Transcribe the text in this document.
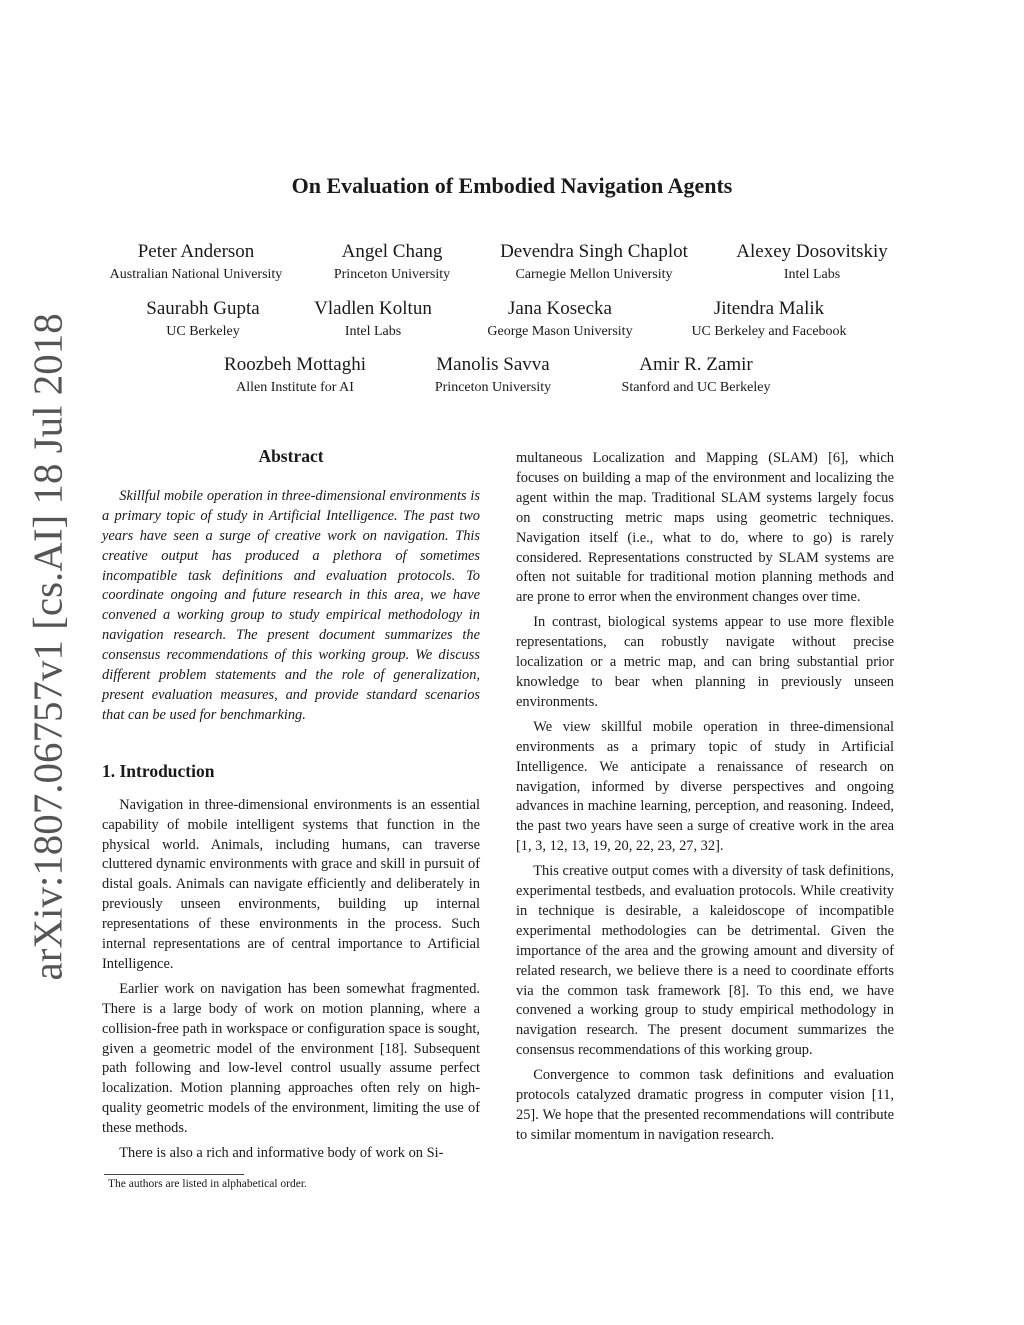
arXiv:1807.06757v1 [cs.AI] 18 Jul 2018
On Evaluation of Embodied Navigation Agents
Peter Anderson
Australian National University
Angel Chang
Princeton University
Devendra Singh Chaplot
Carnegie Mellon University
Alexey Dosovitskiy
Intel Labs
Saurabh Gupta
UC Berkeley
Vladlen Koltun
Intel Labs
Jana Kosecka
George Mason University
Jitendra Malik
UC Berkeley and Facebook
Roozbeh Mottaghi
Allen Institute for AI
Manolis Savva
Princeton University
Amir R. Zamir
Stanford and UC Berkeley
Abstract

Skillful mobile operation in three-dimensional environments is a primary topic of study in Artificial Intelligence. The past two years have seen a surge of creative work on navigation. This creative output has produced a plethora of sometimes incompatible task definitions and evaluation protocols. To coordinate ongoing and future research in this area, we have convened a working group to study empirical methodology in navigation research. The present document summarizes the consensus recommendations of this working group. We discuss different problem statements and the role of generalization, present evaluation measures, and provide standard scenarios that can be used for benchmarking.

1. Introduction

Navigation in three-dimensional environments is an essential capability of mobile intelligent systems that function in the physical world. Animals, including humans, can traverse cluttered dynamic environments with grace and skill in pursuit of distal goals. Animals can navigate efficiently and deliberately in previously unseen environments, building up internal representations of these environments in the process. Such internal representations are of central importance to Artificial Intelligence.

Earlier work on navigation has been somewhat fragmented. There is a large body of work on motion planning, where a collision-free path in workspace or configuration space is sought, given a geometric model of the environment [18]. Subsequent path following and low-level control usually assume perfect localization. Motion planning approaches often rely on high-quality geometric models of the environment, limiting the use of these methods.

There is also a rich and informative body of work on Si-

multaneous Localization and Mapping (SLAM) [6], which focuses on building a map of the environment and localizing the agent within the map. Traditional SLAM systems largely focus on constructing metric maps using geometric techniques. Navigation itself (i.e., what to do, where to go) is rarely considered. Representations constructed by SLAM systems are often not suitable for traditional motion planning methods and are prone to error when the environment changes over time.

In contrast, biological systems appear to use more flexible representations, can robustly navigate without precise localization or a metric map, and can bring substantial prior knowledge to bear when planning in previously unseen environments.

We view skillful mobile operation in three-dimensional environments as a primary topic of study in Artificial Intelligence. We anticipate a renaissance of research on navigation, informed by diverse perspectives and ongoing advances in machine learning, perception, and reasoning. Indeed, the past two years have seen a surge of creative work in the area [1, 3, 12, 13, 19, 20, 22, 23, 27, 32].

This creative output comes with a diversity of task definitions, experimental testbeds, and evaluation protocols. While creativity in technique is desirable, a kaleidoscope of incompatible experimental methodologies can be detrimental. Given the importance of the area and the growing amount and diversity of related research, we believe there is a need to coordinate efforts via the common task framework [8]. To this end, we have convened a working group to study empirical methodology in navigation research. The present document summarizes the consensus recommendations of this working group.

Convergence to common task definitions and evaluation protocols catalyzed dramatic progress in computer vision [11, 25]. We hope that the presented recommendations will contribute to similar momentum in navigation research.

The authors are listed in alphabetical order.
